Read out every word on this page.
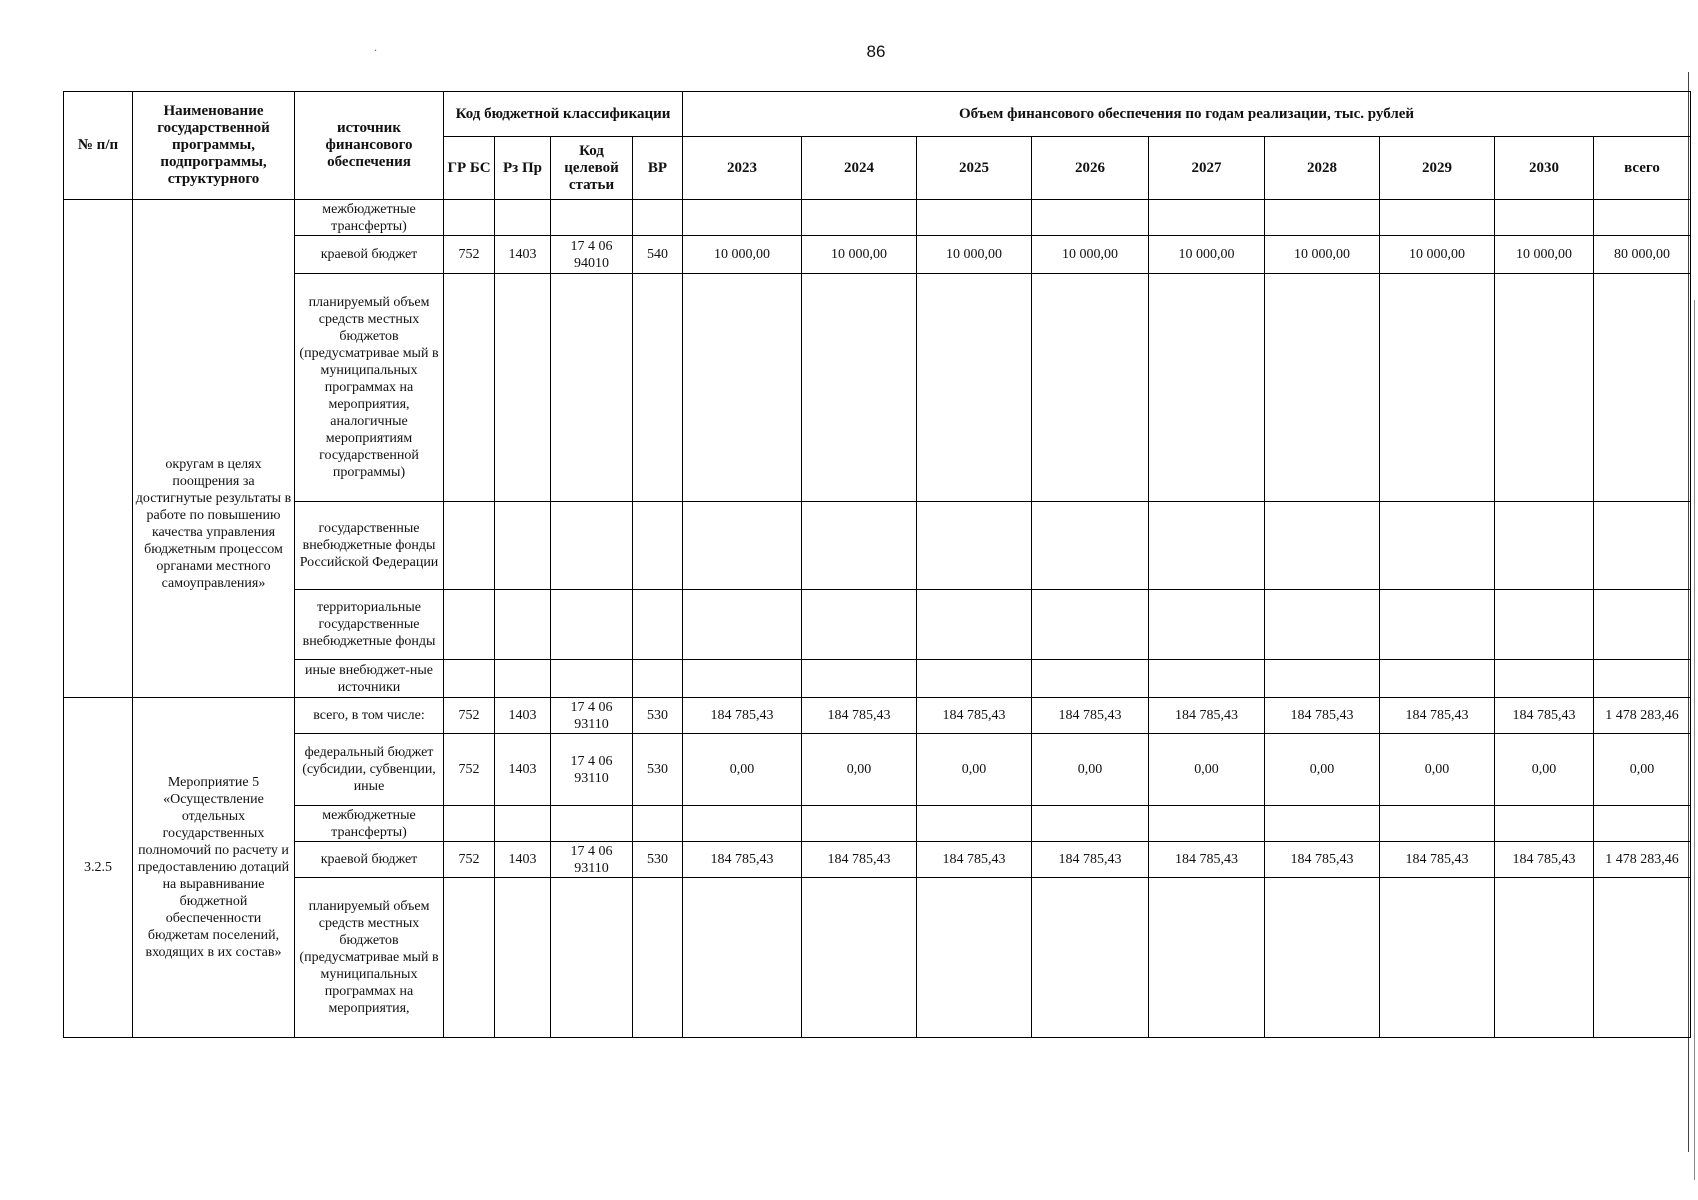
86
.
№ п/п	Наименование государственной программы, подпрограммы, структурного	источник финансового обеспечения	Код бюджетной классификации				Объем финансового обеспечения по годам реализации, тыс. рублей								
			ГР БС	Рз Пр	Код целевой статьи	ВР	2023	2024	2025	2026	2027	2028	2029	2030	всего
	округам в целях поощрения за достигнутые результаты в работе по повышению качества управления бюджетным процессом органами местного самоуправления»	межбюджетные трансферты)													
		краевой бюджет	752	1403	17 4 06 94010	540	10 000,00	10 000,00	10 000,00	10 000,00	10 000,00	10 000,00	10 000,00	10 000,00	80 000,00
		планируемый объем средств местных бюджетов (предусматривае мый в муниципальных программах на мероприятия, аналогичные мероприятиям государственной программы)													
		государственные внебюджетные фонды Российской Федерации													
		территориальные государственные внебюджетные фонды													
		иные внебюджет-ные источники													
3.2.5	Мероприятие 5 «Осуществление отдельных государственных полномочий по расчету и предоставлению дотаций на выравнивание бюджетной обеспеченности бюджетам поселений, входящих в их состав»	всего, в том числе:	752	1403	17 4 06 93110	530	184 785,43	184 785,43	184 785,43	184 785,43	184 785,43	184 785,43	184 785,43	184 785,43	1 478 283,46
		федеральный бюджет (субсидии, субвенции, иные	752	1403	17 4 06 93110	530	0,00	0,00	0,00	0,00	0,00	0,00	0,00	0,00	0,00
		межбюджетные трансферты)													
		краевой бюджет	752	1403	17 4 06 93110	530	184 785,43	184 785,43	184 785,43	184 785,43	184 785,43	184 785,43	184 785,43	184 785,43	1 478 283,46
		планируемый объем средств местных бюджетов (предусматривае мый в муниципальных программах на мероприятия,													
